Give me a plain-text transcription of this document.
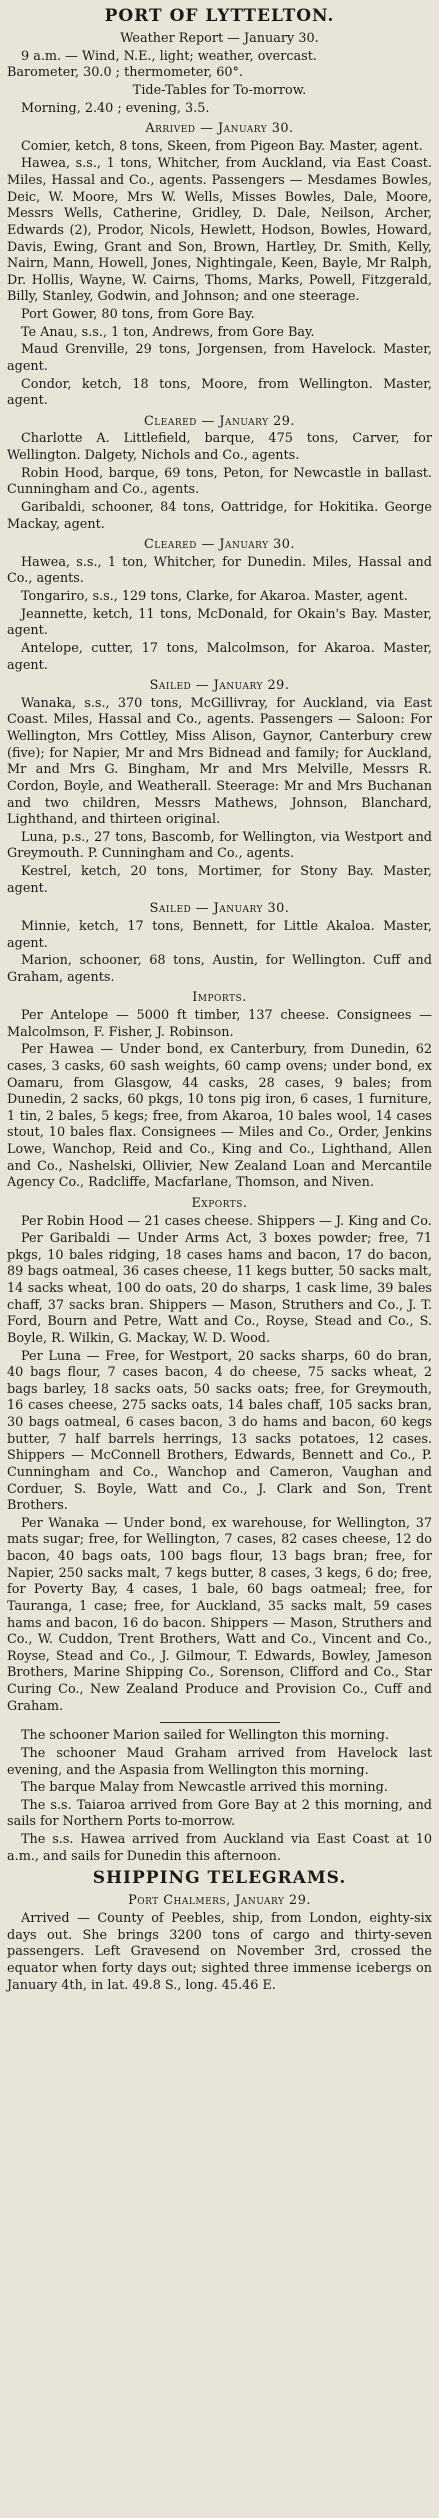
PORT OF LYTTELTON.
Weather Report — January 30.

9 a.m. — Wind, N.E., light; weather, overcast.

Barometer, 30.0 ; thermometer, 60°.

Tide-Tables for To-morrow.

Morning, 2.40 ; evening, 3.5.

Arrived — January 30.

Comier, ketch, 8 tons, Skeen, from Pigeon Bay. Master, agent.

Hawea, s.s., 1 tons, Whitcher, from Auckland, via East Coast. Miles, Hassal and Co., agents. Passengers — Mesdames Bowles, Deic, W. Moore, Mrs W. Wells, Misses Bowles, Dale, Moore, Messrs Wells, Catherine, Gridley, D. Dale, Neilson, Archer, Edwards (2), Prodor, Nicols, Hewlett, Hodson, Bowles, Howard, Davis, Ewing, Grant and Son, Brown, Hartley, Dr. Smith, Kelly, Nairn, Mann, Howell, Jones, Nightingale, Keen, Bayle, Mr Ralph, Dr. Hollis, Wayne, W. Cairns, Thoms, Marks, Powell, Fitzgerald, Billy, Stanley, Godwin, and Johnson; and one steerage.

Port Gower, 80 tons, from Gore Bay.

Te Anau, s.s., 1 ton, Andrews, from Gore Bay.

Maud Grenville, 29 tons, Jorgensen, from Havelock. Master, agent.

Condor, ketch, 18 tons, Moore, from Wellington. Master, agent.

Cleared — January 29.

Charlotte A. Littlefield, barque, 475 tons, Carver, for Wellington. Dalgety, Nichols and Co., agents.

Robin Hood, barque, 69 tons, Peton, for Newcastle in ballast. Cunningham and Co., agents.

Garibaldi, schooner, 84 tons, Oattridge, for Hokitika. George Mackay, agent.

Cleared — January 30.

Hawea, s.s., 1 ton, Whitcher, for Dunedin. Miles, Hassal and Co., agents.

Tongariro, s.s., 129 tons, Clarke, for Akaroa. Master, agent.

Jeannette, ketch, 11 tons, McDonald, for Okain's Bay. Master, agent.

Antelope, cutter, 17 tons, Malcolmson, for Akaroa. Master, agent.

Sailed — January 29.

Wanaka, s.s., 370 tons, McGillivray, for Auckland, via East Coast. Miles, Hassal and Co., agents. Passengers — Saloon: For Wellington, Mrs Cottley, Miss Alison, Gaynor, Canterbury crew (five); for Napier, Mr and Mrs Bidnead and family; for Auckland, Mr and Mrs G. Bingham, Mr and Mrs Melville, Messrs R. Cordon, Boyle, and Weatherall. Steerage: Mr and Mrs Buchanan and two children, Messrs Mathews, Johnson, Blanchard, Lighthand, and thirteen original.

Luna, p.s., 27 tons, Bascomb, for Wellington, via Westport and Greymouth. P. Cunningham and Co., agents.

Kestrel, ketch, 20 tons, Mortimer, for Stony Bay. Master, agent.

Sailed — January 30.

Minnie, ketch, 17 tons, Bennett, for Little Akaloa. Master, agent.

Marion, schooner, 68 tons, Austin, for Wellington. Cuff and Graham, agents.

Imports.

Per Antelope — 5000 ft timber, 137 cheese. Consignees — Malcolmson, F. Fisher, J. Robinson.

Per Hawea — Under bond, ex Canterbury, from Dunedin, 62 cases, 3 casks, 60 sash weights, 60 camp ovens; under bond, ex Oamaru, from Glasgow, 44 casks, 28 cases, 9 bales; from Dunedin, 2 sacks, 60 pkgs, 10 tons pig iron, 6 cases, 1 furniture, 1 tin, 2 bales, 5 kegs; free, from Akaroa, 10 bales wool, 14 cases stout, 10 bales flax. Consignees — Miles and Co., Order, Jenkins Lowe, Wanchop, Reid and Co., King and Co., Lighthand, Allen and Co., Nashelski, Ollivier, New Zealand Loan and Mercantile Agency Co., Radcliffe, Macfarlane, Thomson, and Niven.

Exports.

Per Robin Hood — 21 cases cheese. Shippers — J. King and Co.

Per Garibaldi — Under Arms Act, 3 boxes powder; free, 71 pkgs, 10 bales ridging, 18 cases hams and bacon, 17 do bacon, 89 bags oatmeal, 36 cases cheese, 11 kegs butter, 50 sacks malt, 14 sacks wheat, 100 do oats, 20 do sharps, 1 cask lime, 39 bales chaff, 37 sacks bran. Shippers — Mason, Struthers and Co., J. T. Ford, Bourn and Petre, Watt and Co., Royse, Stead and Co., S. Boyle, R. Wilkin, G. Mackay, W. D. Wood.

Per Luna — Free, for Westport, 20 sacks sharps, 60 do bran, 40 bags flour, 7 cases bacon, 4 do cheese, 75 sacks wheat, 2 bags barley, 18 sacks oats, 50 sacks oats; free, for Greymouth, 16 cases cheese, 275 sacks oats, 14 bales chaff, 105 sacks bran, 30 bags oatmeal, 6 cases bacon, 3 do hams and bacon, 60 kegs butter, 7 half barrels herrings, 13 sacks potatoes, 12 cases. Shippers — McConnell Brothers, Edwards, Bennett and Co., P. Cunningham and Co., Wanchop and Cameron, Vaughan and Corduer, S. Boyle, Watt and Co., J. Clark and Son, Trent Brothers.

Per Wanaka — Under bond, ex warehouse, for Wellington, 37 mats sugar; free, for Wellington, 7 cases, 82 cases cheese, 12 do bacon, 40 bags oats, 100 bags flour, 13 bags bran; free, for Napier, 250 sacks malt, 7 kegs butter, 8 cases, 3 kegs, 6 do; free, for Poverty Bay, 4 cases, 1 bale, 60 bags oatmeal; free, for Tauranga, 1 case; free, for Auckland, 35 sacks malt, 59 cases hams and bacon, 16 do bacon. Shippers — Mason, Struthers and Co., W. Cuddon, Trent Brothers, Watt and Co., Vincent and Co., Royse, Stead and Co., J. Gilmour, T. Edwards, Bowley, Jameson Brothers, Marine Shipping Co., Sorenson, Clifford and Co., Star Curing Co., New Zealand Produce and Provision Co., Cuff and Graham.

The schooner Marion sailed for Wellington this morning.

The schooner Maud Graham arrived from Havelock last evening, and the Aspasia from Wellington this morning.

The barque Malay from Newcastle arrived this morning.

The s.s. Taiaroa arrived from Gore Bay at 2 this morning, and sails for Northern Ports to-morrow.

The s.s. Hawea arrived from Auckland via East Coast at 10 a.m., and sails for Dunedin this afternoon.

SHIPPING TELEGRAMS.
Port Chalmers, January 29.

Arrived — County of Peebles, ship, from London, eighty-six days out. She brings 3200 tons of cargo and thirty-seven passengers. Left Gravesend on November 3rd, crossed the equator when forty days out; sighted three immense icebergs on January 4th, in lat. 49.8 S., long. 45.46 E.
